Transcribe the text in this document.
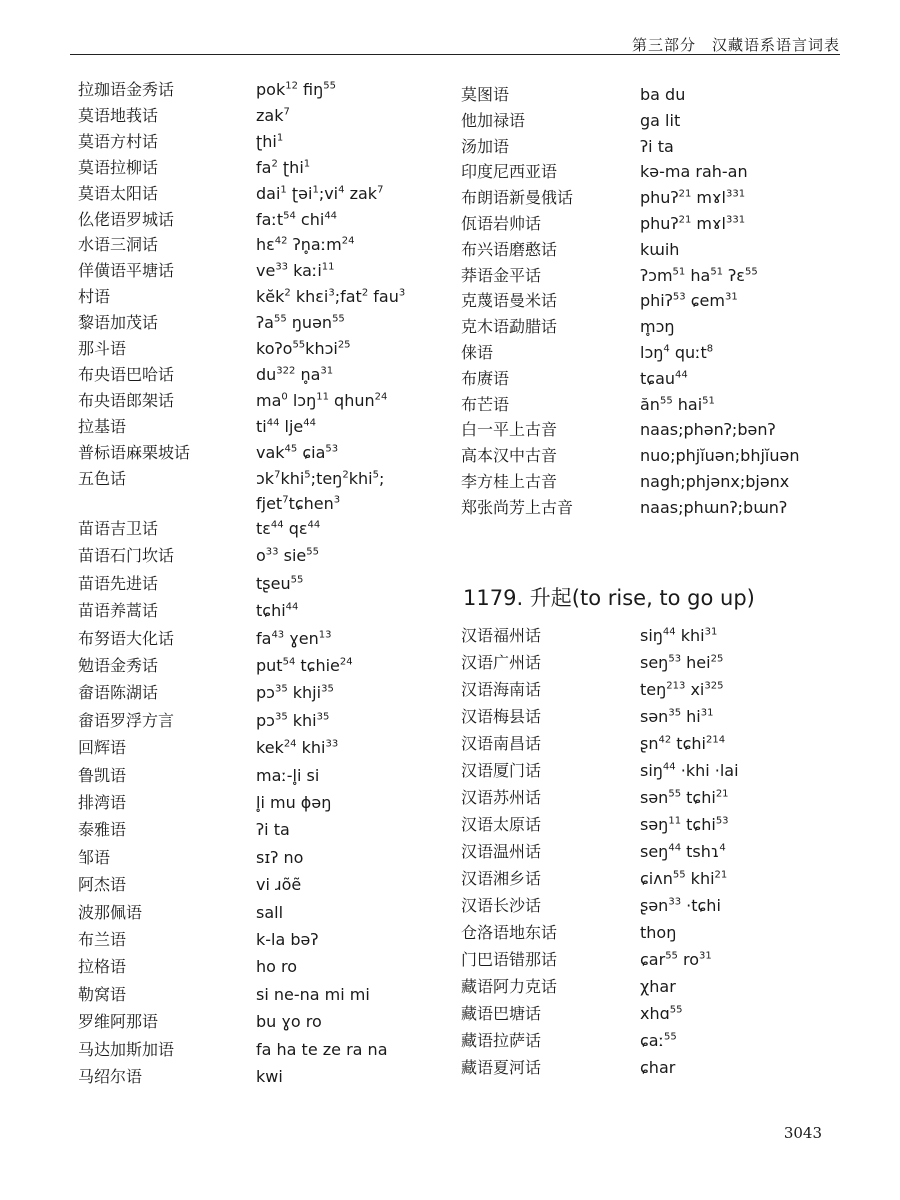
第三部分　汉藏语系语言词表
拉珈语金秀话	pok$^{12}$ fiŋ$^{55}$
莫语地莪话	zak$^7$
莫语方村话	ʈhi$^1$
莫语拉柳话	$fa^2$ ʈhi$^1$
莫语太阳话	dai$^1$ $ʈəi^1;vi^4$ zak$^7$
仫佬语罗城话	faːt$^{54}$ chi$^{44}$
水语三洞话	hɛ$^{42}$ ʔn̥aːm$^{24}$
佯僙语平塘话	$ve^{33}$ kaːi$^{11}$
村语	kĕk$^2$ khɛi$^3$;fat$^2$ fau$^3$
黎语加茂话	ʔa$^{55}$ ŋuən$^{55}$
那斗语	koʔo$^{55}$khɔi$^{25}$
布央语巴哈话	$du^{322}$ $n̥a^{31}$
布央语郎架话	$ma^0$ lɔŋ$^{11}$ qhun$^{24}$
拉基语	$ti^{44}$ lje$^{44}$
普标语麻栗坡话	vak$^{45}$ ɕia$^{53}$
五色话	ɔk$^7$khi$^5$;teŋ$^2$khi$^5$;
fjet$^7$tɕhen$^3$
苗语吉卫话	tɛ$^{44}$ qɛ$^{44}$
苗语石门坎话	$o^{33}$ sie$^{55}$
苗语先进话	tʂeu$^{55}$
苗语养蒿话	tɕhi$^{44}$
布努语大化话	$fa^{43}$ ɣen$^{13}$
勉语金秀话	put$^{54}$ tɕhie$^{24}$
畲语陈湖话	pɔ$^{35}$ khji$^{35}$
畲语罗浮方言	pɔ$^{35}$ khi$^{35}$
回辉语	kek$^{24}$ khi$^{33}$
鲁凯语	maː-l̥i si
排湾语	l̥i mu ɸəŋ
泰雅语	ʔi ta
邹语	sɪʔ no
阿杰语	vi ɹõẽ
波那佩语	sall
布兰语	k-la bəʔ
拉格语	ho ro
勒窝语	si ne-na mi mi
罗维阿那语	bu ɣo ro
马达加斯加语	fa ha te ze ra na
马绍尔语	kwi
莫图语	ba du
他加禄语	ga lit
汤加语	ʔi ta
印度尼西亚语	kə-ma rah-an
布朗语新曼俄话	phuʔ$^{21}$ mɤl$^{331}$
佤语岩帅话	phuʔ$^{21}$ mɤl$^{331}$
布兴语磨憨话	kɯih
莽语金平话	ʔɔm$^{51}$ $ha^{51}$ ʔɛ$^{55}$
克蔑语曼米话	phiʔ$^{53}$ ɕem$^{31}$
克木语勐腊话	m̥ɔŋ
俫语	lɔŋ$^4$ quːt$^8$
布赓语	tɕau$^{44}$
布芒语	$ăn^{55}$ hai$^{51}$
白一平上古音	naas;phənʔ;bənʔ
高本汉中古音	nuo;phjĭuən;bhjĭuən
李方桂上古音	nagh;phjənx;bjənx
郑张尚芳上古音	naas;phɯnʔ;bɯnʔ
1179. 升起(to rise, to go up)
汉语福州话	siŋ$^{44}$ khi$^{31}$
汉语广州话	seŋ$^{53}$ hei$^{25}$
汉语海南话	teŋ$^{213}$ $xi^{325}$
汉语梅县话	sən$^{35}$ $hi^{31}$
汉语南昌话	ʂn$^{42}$ tɕhi$^{214}$
汉语厦门话	siŋ$^{44}$ ·khi ·lai
汉语苏州话	sən$^{55}$ tɕhi$^{21}$
汉语太原话	səŋ$^{11}$ tɕhi$^{53}$
汉语温州话	seŋ$^{44}$ tshɿ$^4$
汉语湘乡话	ɕiʌn$^{55}$ khi$^{21}$
汉语长沙话	ʂən$^{33}$ ·tɕhi
仓洛语地东话	thoŋ
门巴语错那话	ɕar$^{55}$ $ro^{31}$
藏语阿力克话	χhar
藏语巴塘话	xhɑ$^{55}$
藏语拉萨话	ɕaː$^{55}$
藏语夏河话	ɕhar
3043
